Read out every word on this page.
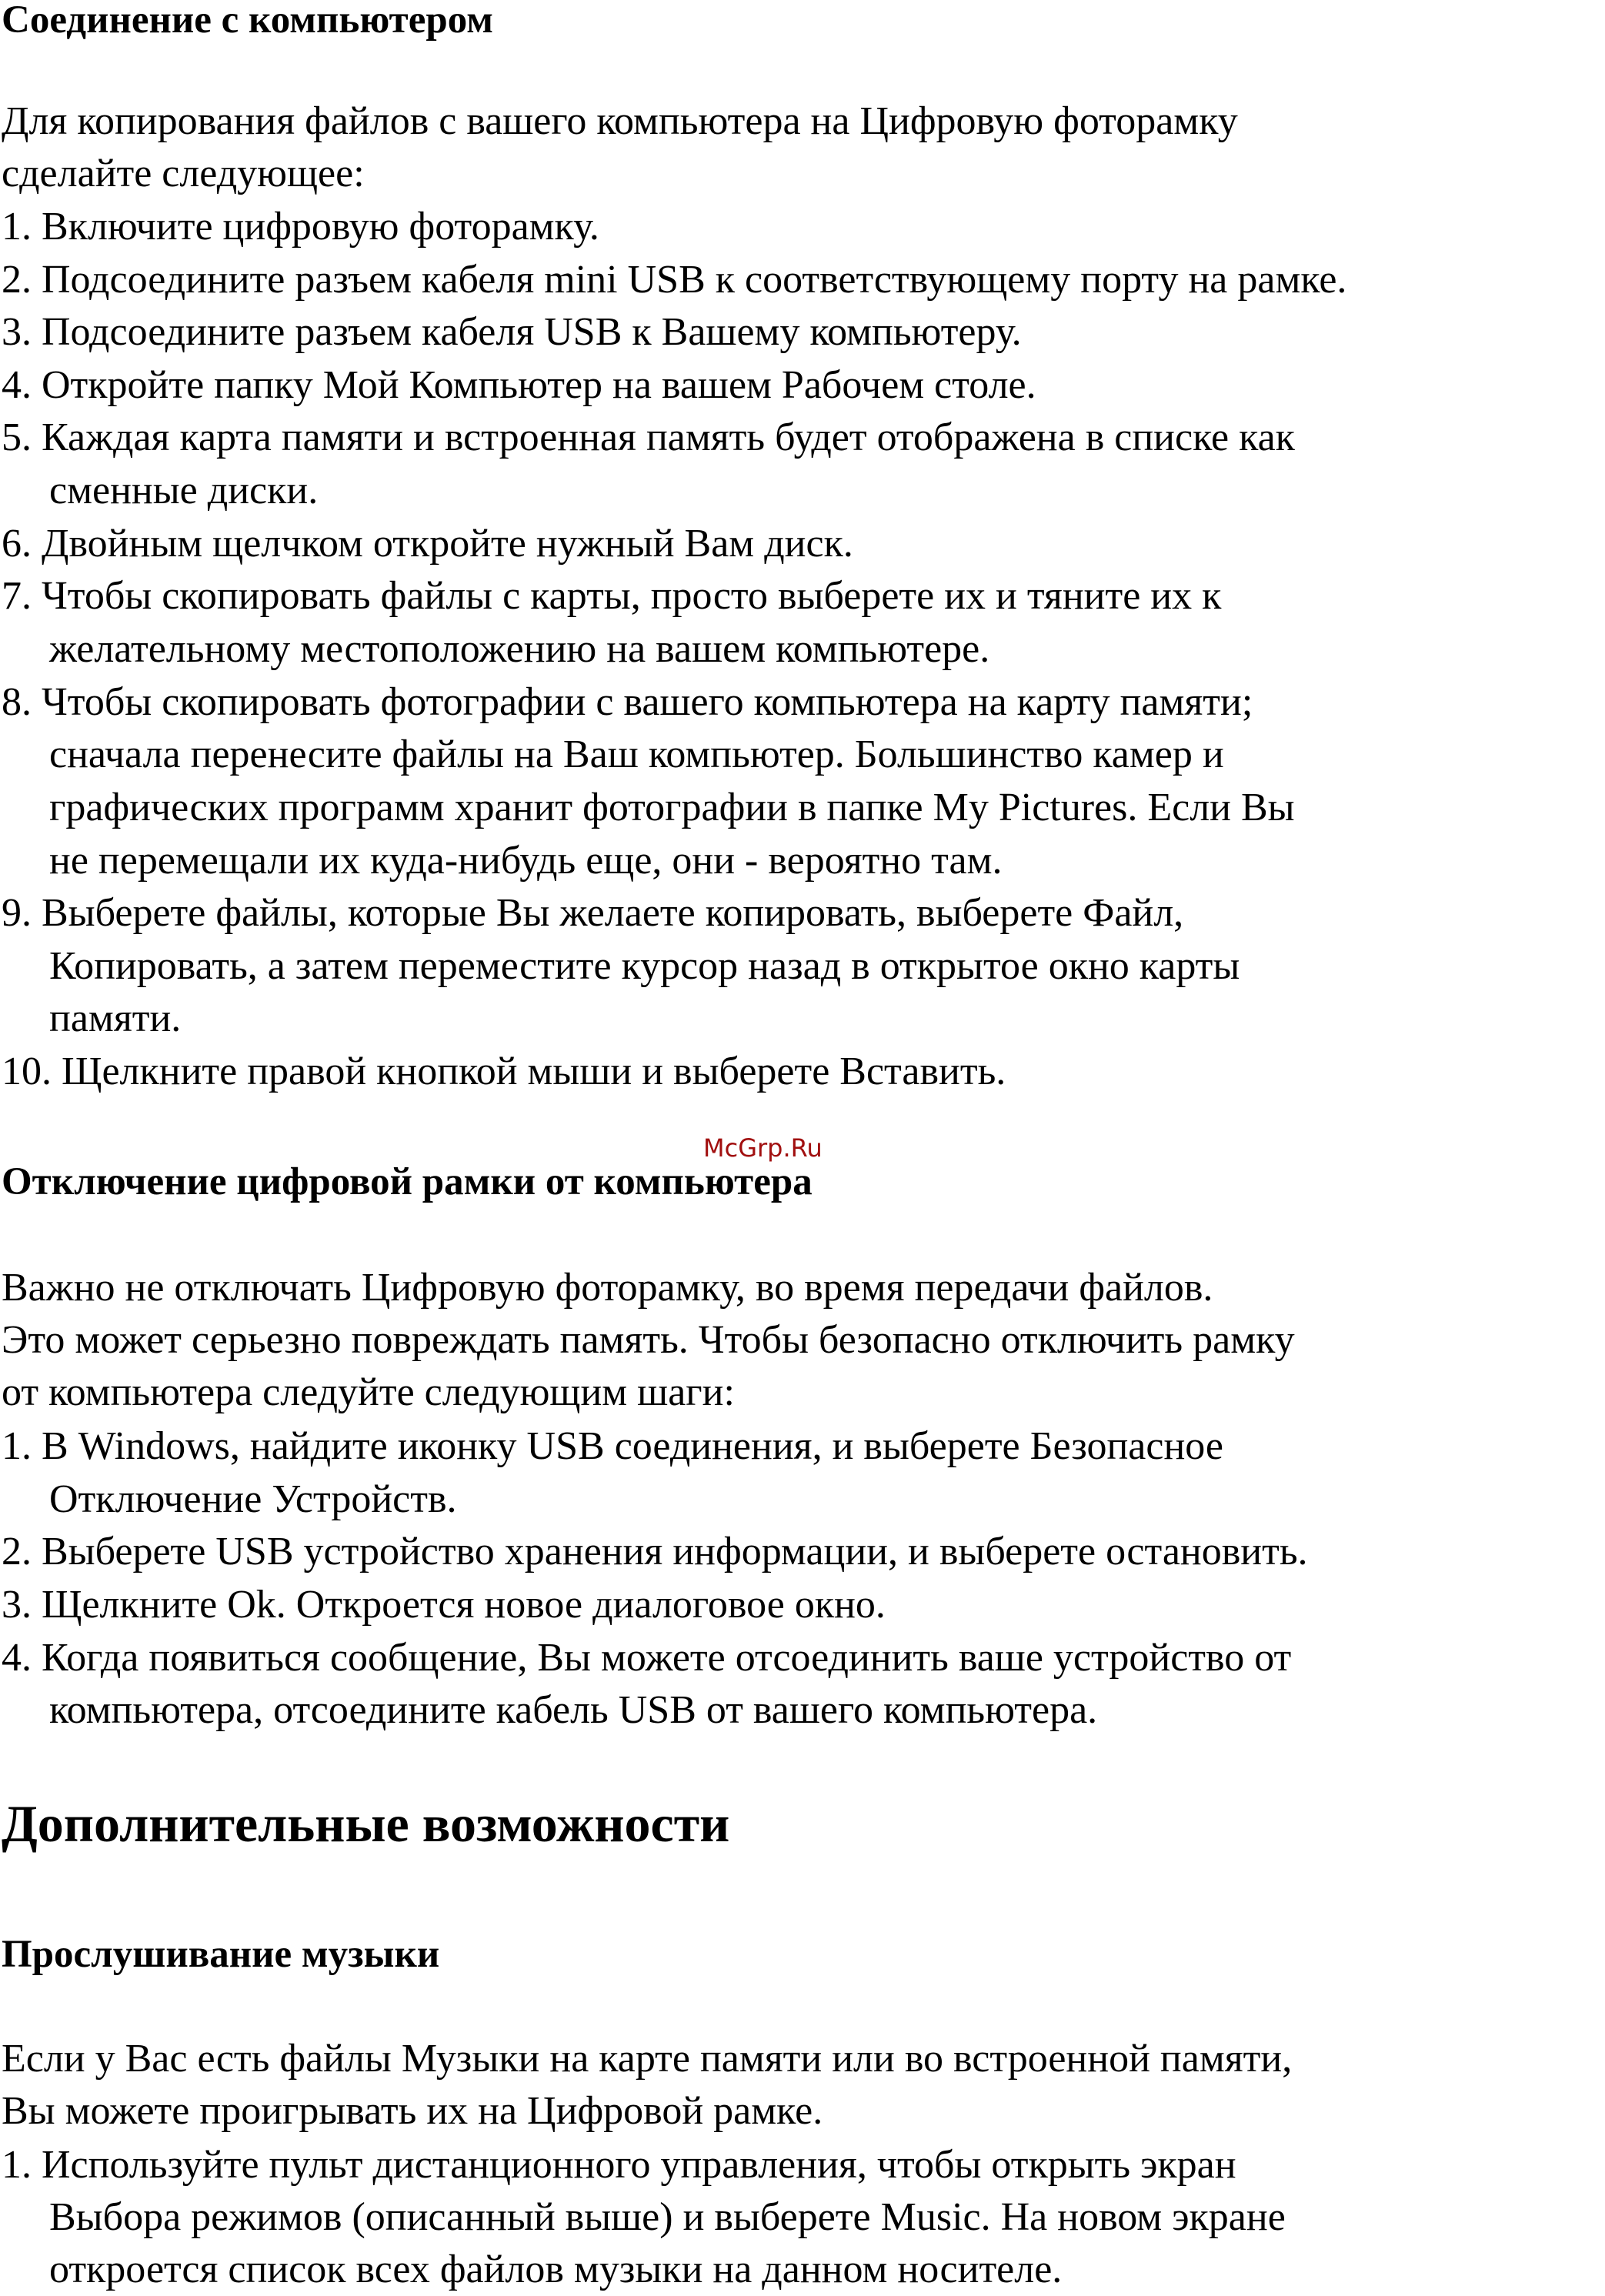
Соединение с компьютером
Для копирования файлов с вашего компьютера на Цифровую фоторамку
сделайте следующее:
1. Включите цифровую фоторамку.
2. Подсоедините разъем кабеля mini USB к соответствующему порту на рамке.
3. Подсоедините разъем кабеля USB к Вашему компьютеру.
4. Откройте папку Мой Компьютер на вашем Рабочем столе.
5. Каждая карта памяти и встроенная память будет отображена в списке как
сменные диски.
6. Двойным щелчком откройте нужный Вам диск.
7. Чтобы скопировать файлы с карты, просто выберете их и тяните их к
желательному местоположению на вашем компьютере.
8. Чтобы скопировать фотографии с вашего компьютера на карту памяти;
сначала перенесите файлы на Ваш компьютер. Большинство камер и
графических программ хранит фотографии в папке My Pictures. Если Вы
не перемещали их куда-нибудь еще, они - вероятно там.
9. Выберете файлы, которые Вы желаете копировать, выберете Файл,
Копировать, а затем переместите курсор назад в открытое окно карты
памяти.
10. Щелкните правой кнопкой мыши и выберете Вставить.
McGrp.Ru
Отключение цифровой рамки от компьютера
Важно не отключать Цифровую фоторамку, во время передачи файлов.
Это может серьезно повреждать память. Чтобы безопасно отключить рамку
от компьютера следуйте следующим шаги:
1. В Windows, найдите иконку USB соединения, и выберете Безопасное
Отключение Устройств.
2. Выберете USB устройство хранения информации, и выберете остановить.
3. Щелкните Ok. Откроется новое диалоговое окно.
4. Когда появиться сообщение, Вы можете отсоединить ваше устройство от
компьютера, отсоедините кабель USB от вашего компьютера.
Дополнительные возможности
Прослушивание музыки
Если у Вас есть файлы Музыки на карте памяти или во встроенной памяти,
Вы можете проигрывать их на Цифровой рамке.
1. Используйте пульт дистанционного управления, чтобы открыть экран
Выбора режимов (описанный выше) и выберете Music. На новом экране
откроется список всех файлов музыки на данном носителе.
